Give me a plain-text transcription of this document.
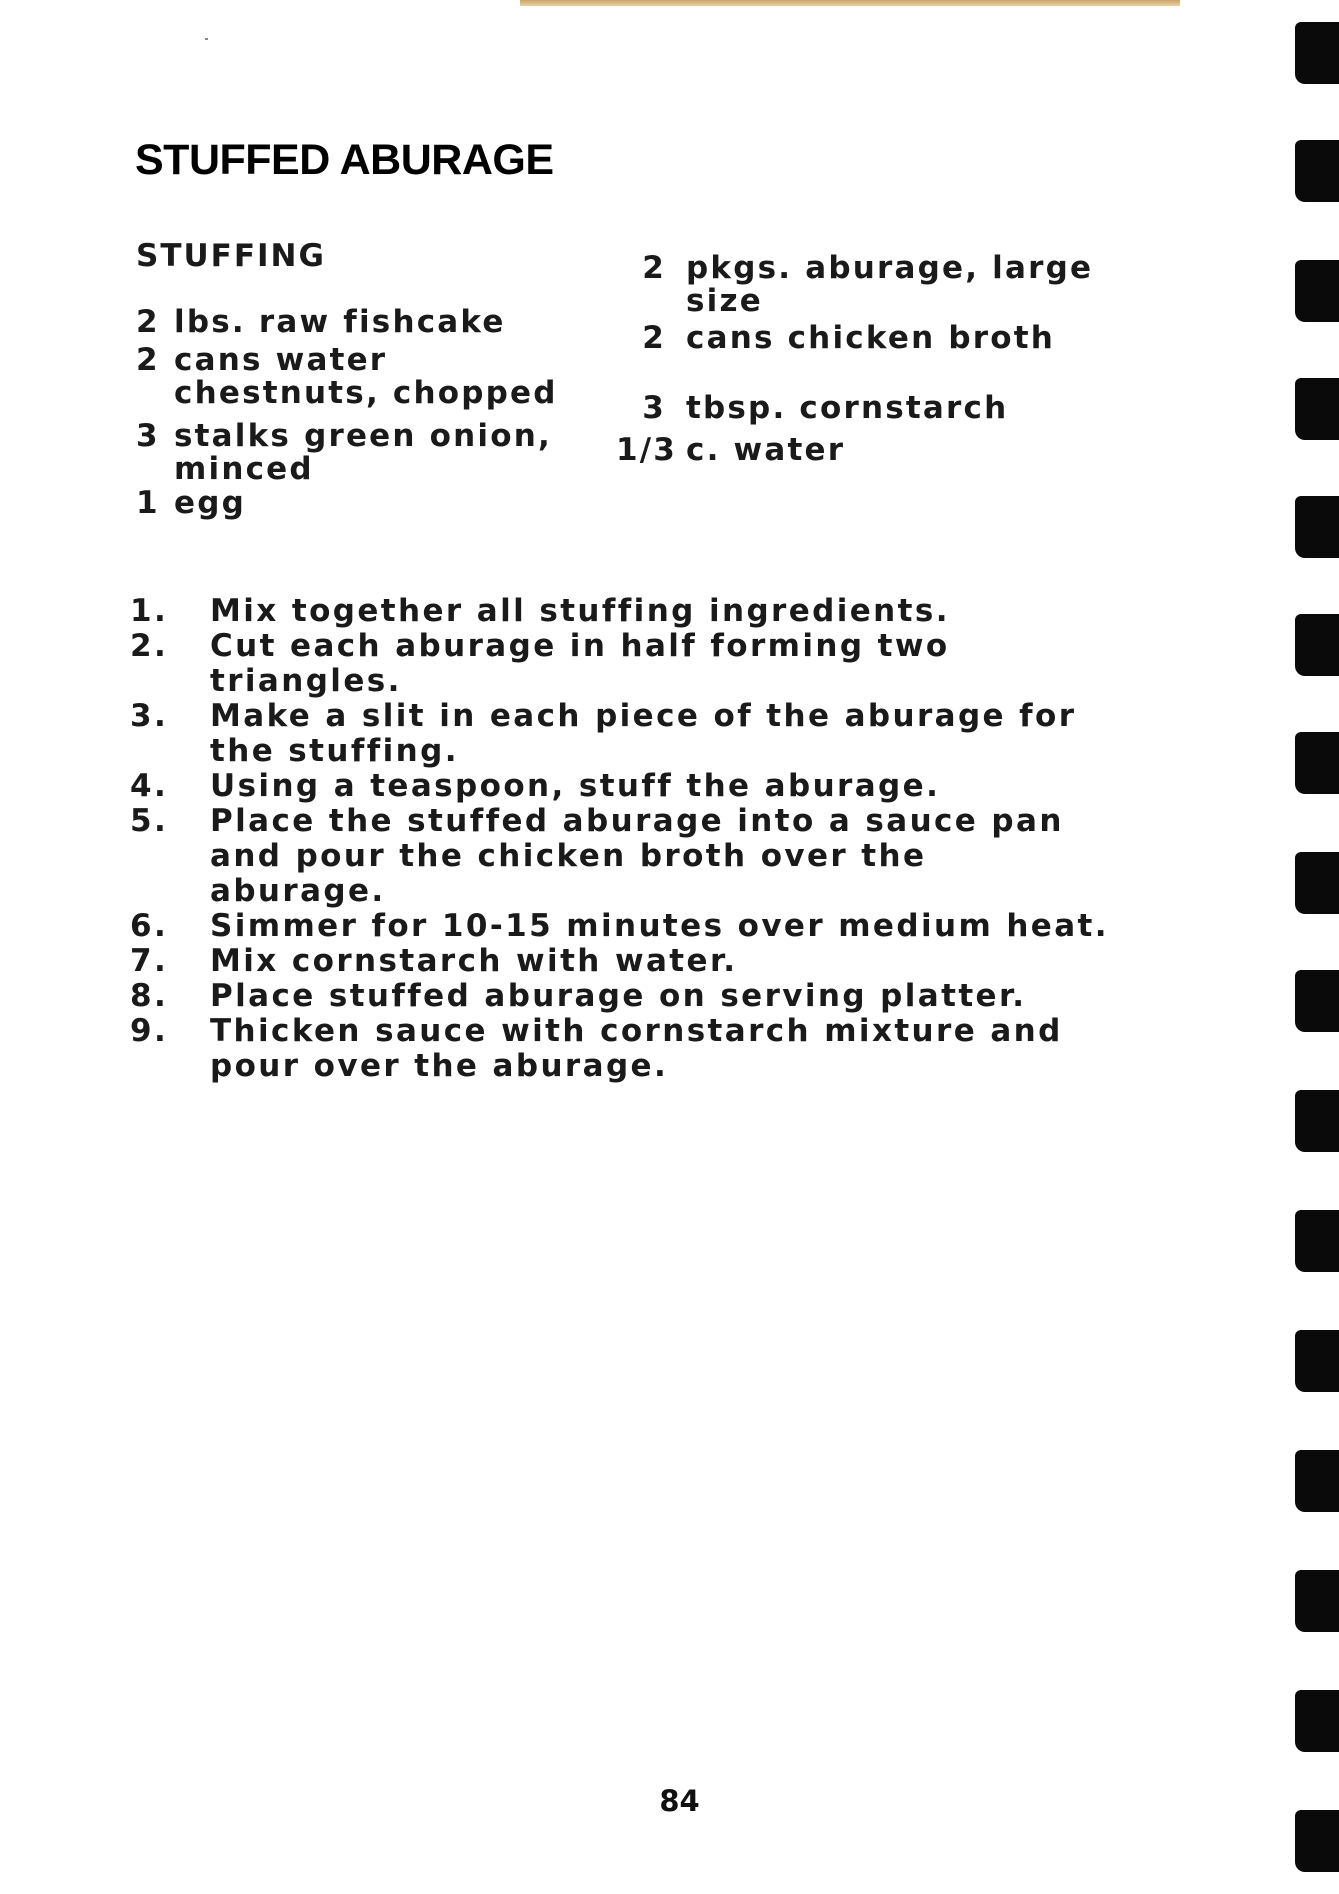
STUFFED ABURAGE
STUFFING
2 lbs. raw fishcake
2 cans water chestnuts, chopped
3 stalks green onion, minced
1 egg
2 pkgs. aburage, large size
2 cans chicken broth
3 tbsp. cornstarch
1/3 c. water
1. Mix together all stuffing ingredients.
2. Cut each aburage in half forming two triangles.
3. Make a slit in each piece of the aburage for the stuffing.
4. Using a teaspoon, stuff the aburage.
5. Place the stuffed aburage into a sauce pan and pour the chicken broth over the aburage.
6. Simmer for 10-15 minutes over medium heat.
7. Mix cornstarch with water.
8. Place stuffed aburage on serving platter.
9. Thicken sauce with cornstarch mixture and pour over the aburage.
84
